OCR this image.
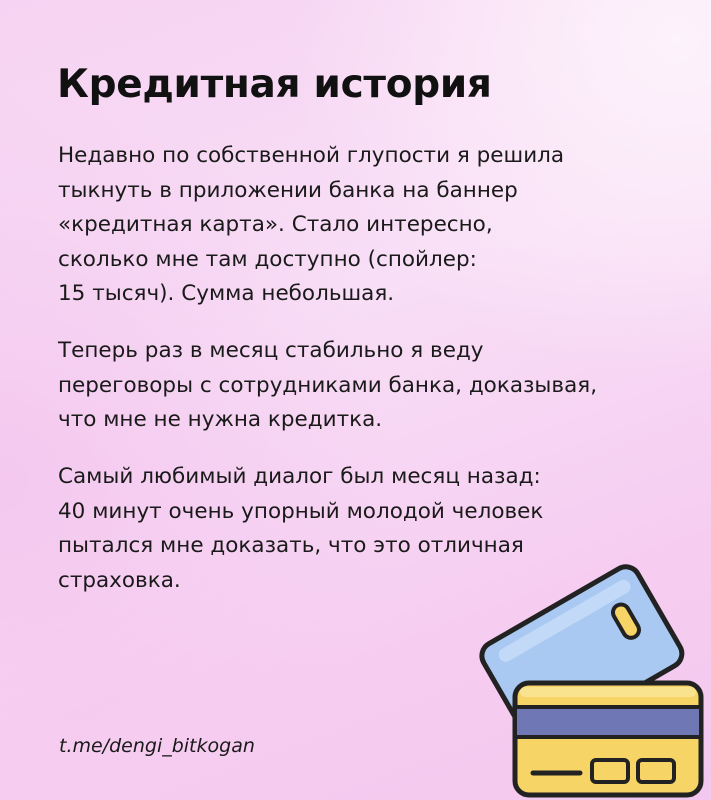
Кредитная история

Недавно по собственной глупости я решила
тыкнуть в приложении банка на баннер
«кредитная карта». Стало интересно,
сколько мне там доступно (спойлер:
15 тысяч). Сумма небольшая.

Теперь раз в месяц стабильно я веду
переговоры с сотрудниками банка, доказывая,
что мне не нужна кредитка.

Самый любимый диалог был месяц назад:
40 минут очень упорный молодой человек
пытался мне доказать, что это отличная
страховка.

t.me/dengi_bitkogan
